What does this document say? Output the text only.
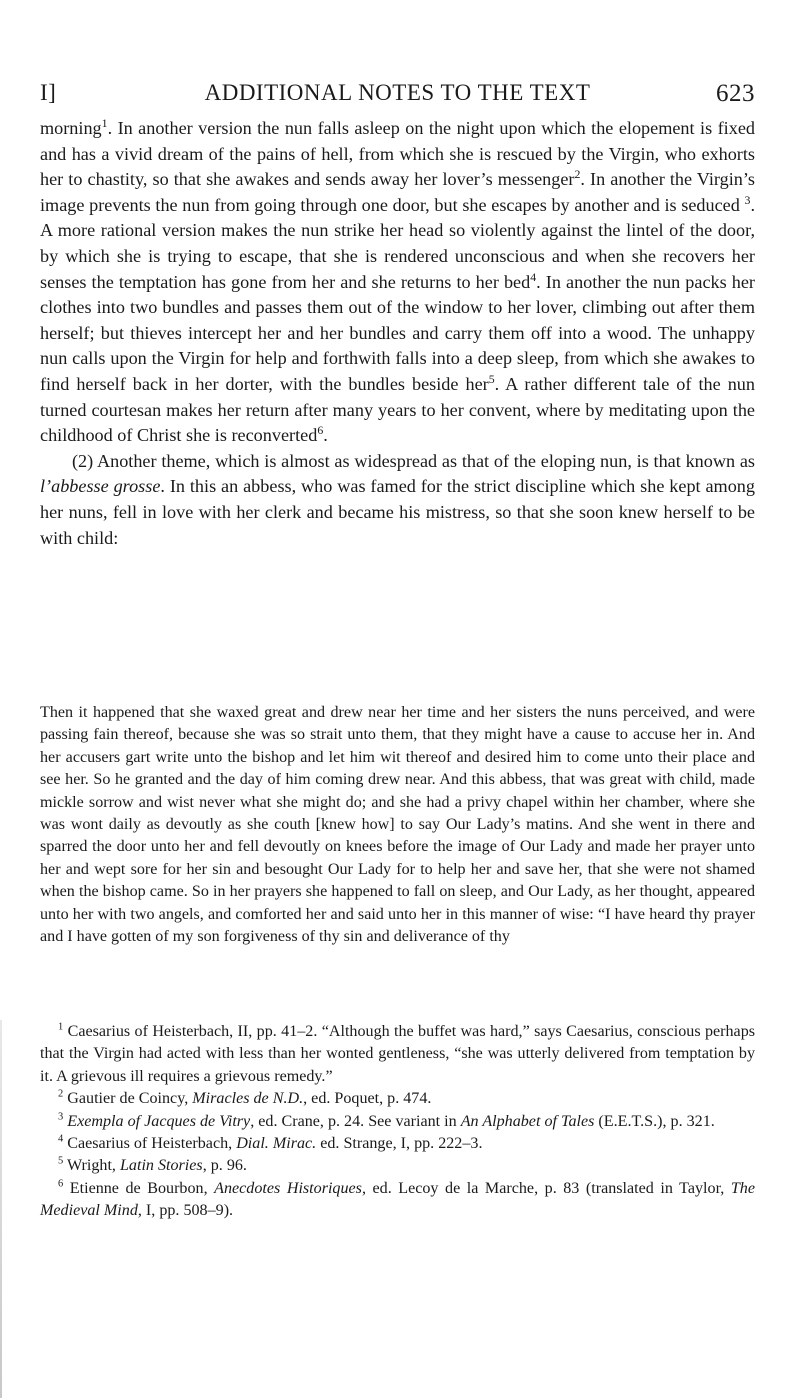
I]	ADDITIONAL NOTES TO THE TEXT	623

morning$^1$. In another version the nun falls asleep on the night upon which the elopement is fixed and has a vivid dream of the pains of hell, from which she is rescued by the Virgin, who exhorts her to chastity, so that she awakes and sends away her lover’s messenger$^2$. In another the Virgin’s image prevents the nun from going through one door, but she escapes by another and is seduced $^3$. A more rational version makes the nun strike her head so violently against the lintel of the door, by which she is trying to escape, that she is rendered unconscious and when she recovers her senses the temptation has gone from her and she returns to her bed$^4$. In another the nun packs her clothes into two bundles and passes them out of the window to her lover, climbing out after them herself; but thieves intercept her and her bundles and carry them off into a wood. The unhappy nun calls upon the Virgin for help and forthwith falls into a deep sleep, from which she awakes to find herself back in her dorter, with the bundles beside her$^5$. A rather different tale of the nun turned courtesan makes her return after many years to her convent, where by meditating upon the childhood of Christ she is reconverted$^6$.

(2) Another theme, which is almost as widespread as that of the eloping nun, is that known as l’abbesse grosse. In this an abbess, who was famed for the strict discipline which she kept among her nuns, fell in love with her clerk and became his mistress, so that she soon knew herself to be with child:

Then it happened that she waxed great and drew near her time and her sisters the nuns perceived, and were passing fain thereof, because she was so strait unto them, that they might have a cause to accuse her in. And her accusers gart write unto the bishop and let him wit thereof and desired him to come unto their place and see her. So he granted and the day of him coming drew near. And this abbess, that was great with child, made mickle sorrow and wist never what she might do; and she had a privy chapel within her chamber, where she was wont daily as devoutly as she couth [knew how] to say Our Lady’s matins. And she went in there and sparred the door unto her and fell devoutly on knees before the image of Our Lady and made her prayer unto her and wept sore for her sin and besought Our Lady for to help her and save her, that she were not shamed when the bishop came. So in her prayers she happened to fall on sleep, and Our Lady, as her thought, appeared unto her with two angels, and comforted her and said unto her in this manner of wise: “I have heard thy prayer and I have gotten of my son forgiveness of thy sin and deliverance of thy

$^1$ Caesarius of Heisterbach, II, pp. 41–2. “Although the buffet was hard,” says Caesarius, conscious perhaps that the Virgin had acted with less than her wonted gentleness, “she was utterly delivered from temptation by it. A grievous ill requires a grievous remedy.”

$^2$ Gautier de Coincy, Miracles de N.D., ed. Poquet, p. 474.

$^3$ Exempla of Jacques de Vitry, ed. Crane, p. 24. See variant in An Alphabet of Tales (E.E.T.S.), p. 321.

$^4$ Caesarius of Heisterbach, Dial. Mirac. ed. Strange, I, pp. 222–3.

$^5$ Wright, Latin Stories, p. 96.

$^6$ Etienne de Bourbon, Anecdotes Historiques, ed. Lecoy de la Marche, p. 83 (translated in Taylor, The Medieval Mind, I, pp. 508–9).
